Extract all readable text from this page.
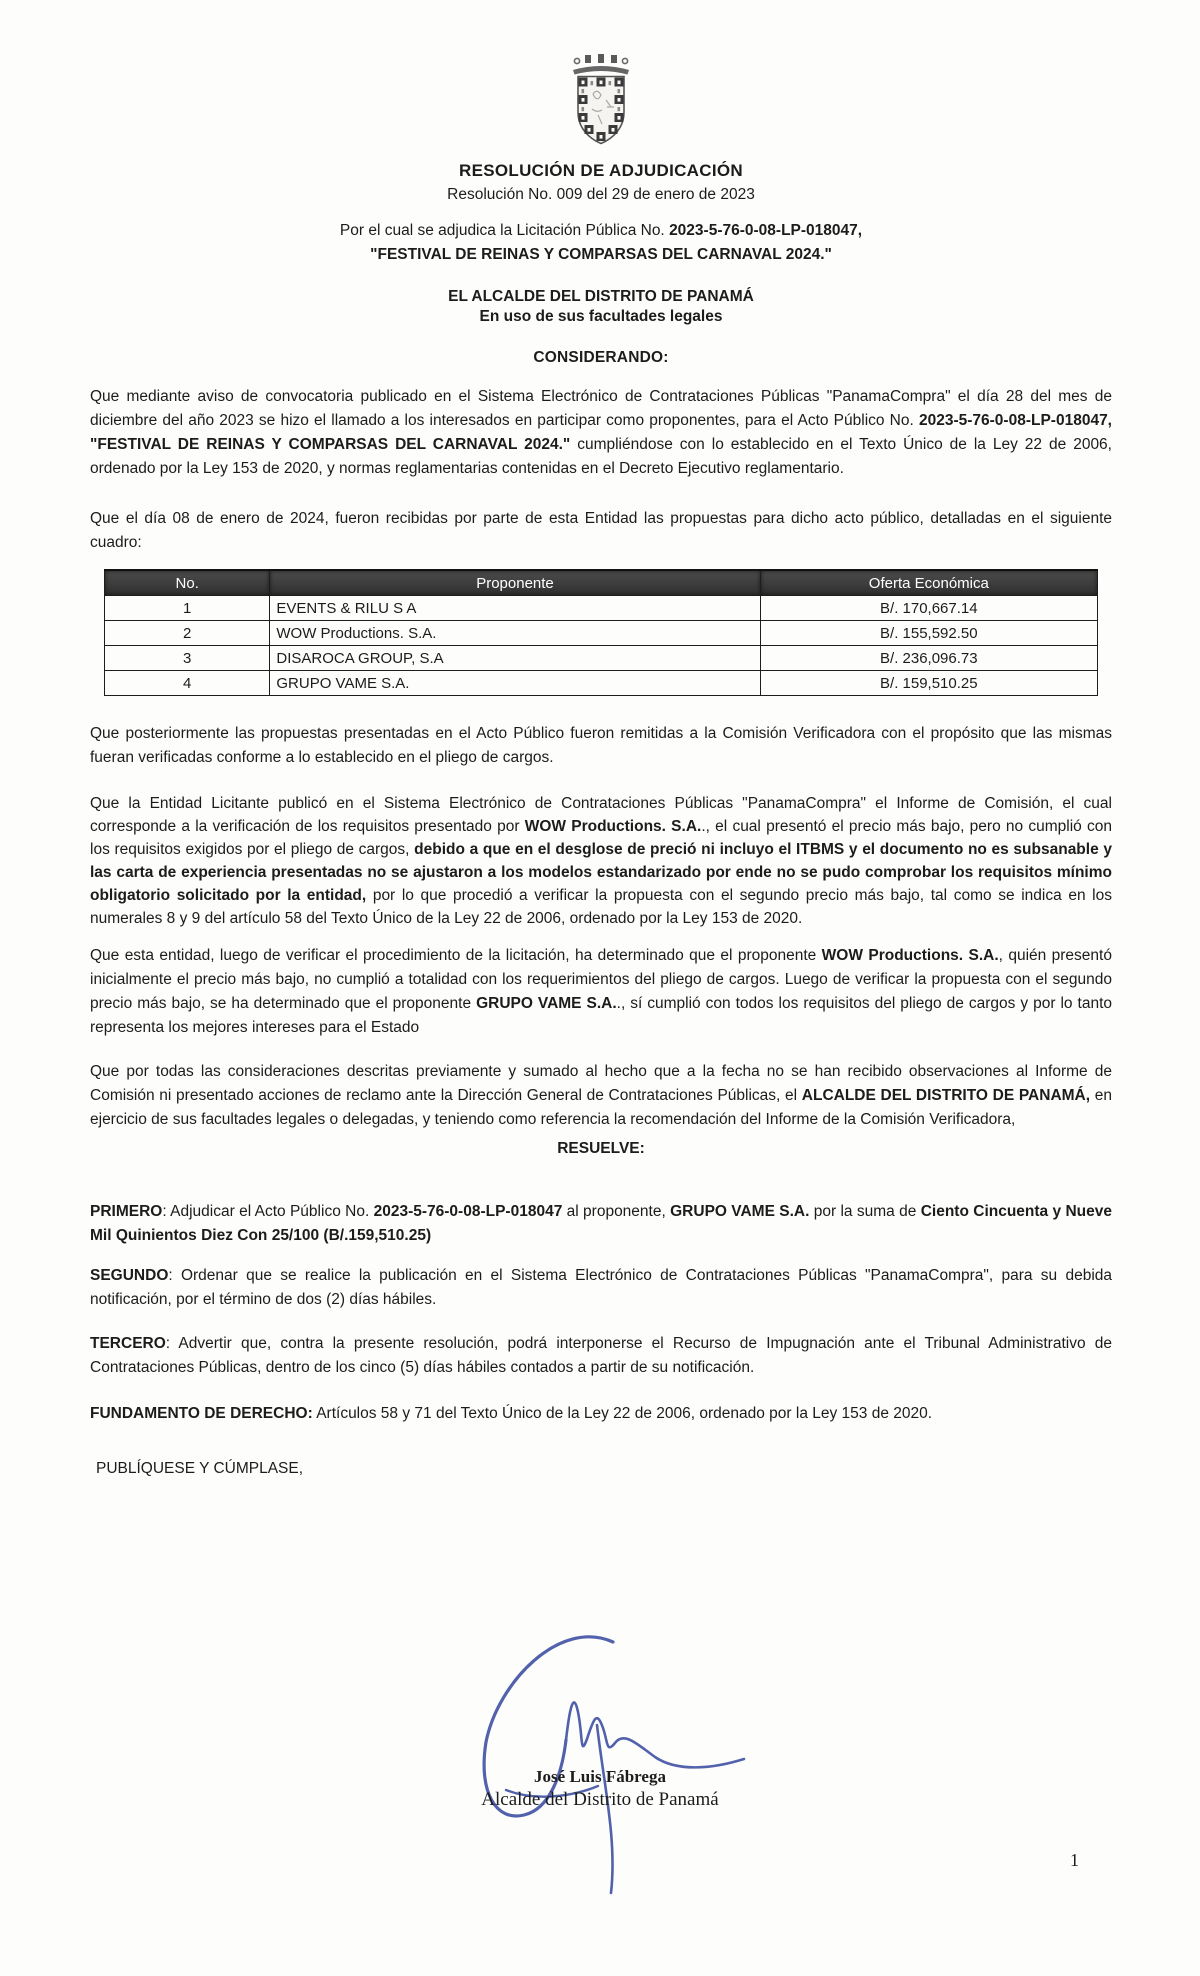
RESOLUCIÓN DE ADJUDICACIÓN
Resolución No. 009 del 29 de enero de 2023
Por el cual se adjudica la Licitación Pública No. 2023-5-76-0-08-LP-018047,
"FESTIVAL DE REINAS Y COMPARSAS DEL CARNAVAL 2024."
EL ALCALDE DEL DISTRITO DE PANAMÁ
En uso de sus facultades legales
CONSIDERANDO:

Que mediante aviso de convocatoria publicado en el Sistema Electrónico de Contrataciones Públicas "PanamaCompra" el día 28 del mes de diciembre del año 2023 se hizo el llamado a los interesados en participar como proponentes, para el Acto Público No. 2023-5-76-0-08-LP-018047, "FESTIVAL DE REINAS Y COMPARSAS DEL CARNAVAL 2024." cumpliéndose con lo establecido en el Texto Único de la Ley 22 de 2006, ordenado por la Ley 153 de 2020, y normas reglamentarias contenidas en el Decreto Ejecutivo reglamentario.

Que el día 08 de enero de 2024, fueron recibidas por parte de esta Entidad las propuestas para dicho acto público, detalladas en el siguiente cuadro:

No.	Proponente	Oferta Económica
1	EVENTS & RILU S A	B/. 170,667.14
2	WOW Productions. S.A.	B/. 155,592.50
3	DISAROCA GROUP, S.A	B/. 236,096.73
4	GRUPO VAME S.A.	B/. 159,510.25

Que posteriormente las propuestas presentadas en el Acto Público fueron remitidas a la Comisión Verificadora con el propósito que las mismas fueran verificadas conforme a lo establecido en el pliego de cargos.

Que la Entidad Licitante publicó en el Sistema Electrónico de Contrataciones Públicas "PanamaCompra" el Informe de Comisión, el cual corresponde a la verificación de los requisitos presentado por WOW Productions. S.A.., el cual presentó el precio más bajo, pero no cumplió con los requisitos exigidos por el pliego de cargos, debido a que en el desglose de preció ni incluyo el ITBMS y el documento no es subsanable y las carta de experiencia presentadas no se ajustaron a los modelos estandarizado por ende no se pudo comprobar los requisitos mínimo obligatorio solicitado por la entidad, por lo que procedió a verificar la propuesta con el segundo precio más bajo, tal como se indica en los numerales 8 y 9 del artículo 58 del Texto Único de la Ley 22 de 2006, ordenado por la Ley 153 de 2020.

Que esta entidad, luego de verificar el procedimiento de la licitación, ha determinado que el proponente WOW Productions. S.A., quién presentó inicialmente el precio más bajo, no cumplió a totalidad con los requerimientos del pliego de cargos. Luego de verificar la propuesta con el segundo precio más bajo, se ha determinado que el proponente GRUPO VAME S.A.., sí cumplió con todos los requisitos del pliego de cargos y por lo tanto representa los mejores intereses para el Estado

Que por todas las consideraciones descritas previamente y sumado al hecho que a la fecha no se han recibido observaciones al Informe de Comisión ni presentado acciones de reclamo ante la Dirección General de Contrataciones Públicas, el ALCALDE DEL DISTRITO DE PANAMÁ, en ejercicio de sus facultades legales o delegadas, y teniendo como referencia la recomendación del Informe de la Comisión Verificadora,

RESUELVE:

PRIMERO: Adjudicar el Acto Público No. 2023-5-76-0-08-LP-018047 al proponente, GRUPO VAME S.A. por la suma de Ciento Cincuenta y Nueve Mil Quinientos Diez Con 25/100 (B/.159,510.25)

SEGUNDO: Ordenar que se realice la publicación en el Sistema Electrónico de Contrataciones Públicas "PanamaCompra", para su debida notificación, por el término de dos (2) días hábiles.

TERCERO: Advertir que, contra la presente resolución, podrá interponerse el Recurso de Impugnación ante el Tribunal Administrativo de Contrataciones Públicas, dentro de los cinco (5) días hábiles contados a partir de su notificación.

FUNDAMENTO DE DERECHO: Artículos 58 y 71 del Texto Único de la Ley 22 de 2006, ordenado por la Ley 153 de 2020.

PUBLÍQUESE Y CÚMPLASE,
José Luis Fábrega
Alcalde del Distrito de Panamá
1
